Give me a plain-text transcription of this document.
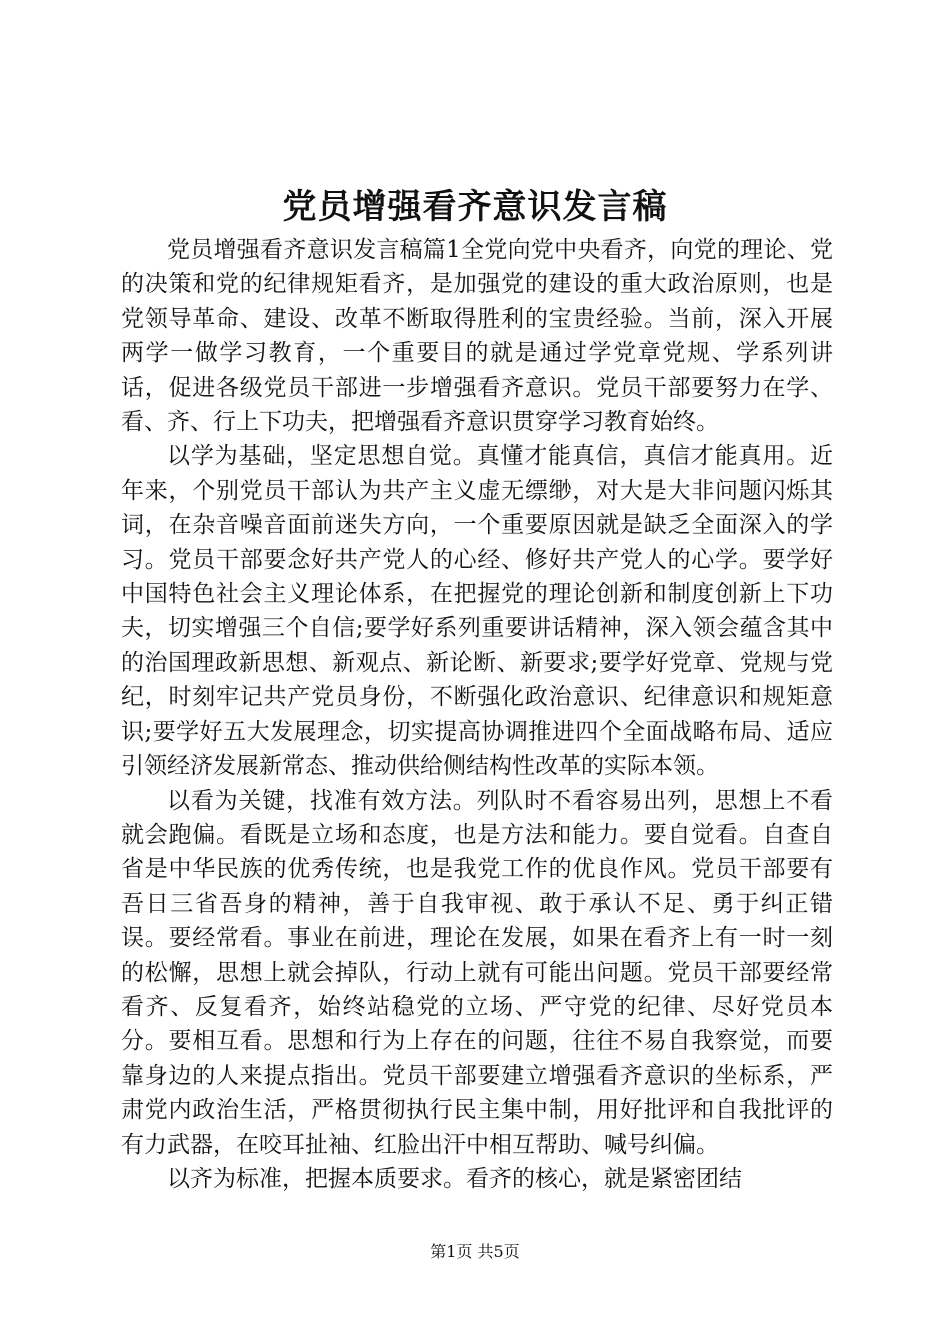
党员增强看齐意识发言稿

党员增强看齐意识发言稿篇1全党向党中央看齐，向党的理论、党的决策和党的纪律规矩看齐，是加强党的建设的重大政治原则，也是党领导革命、建设、改革不断取得胜利的宝贵经验。当前，深入开展两学一做学习教育，一个重要目的就是通过学党章党规、学系列讲话，促进各级党员干部进一步增强看齐意识。党员干部要努力在学、看、齐、行上下功夫，把增强看齐意识贯穿学习教育始终。

以学为基础，坚定思想自觉。真懂才能真信，真信才能真用。近年来，个别党员干部认为共产主义虚无缥缈，对大是大非问题闪烁其词，在杂音噪音面前迷失方向，一个重要原因就是缺乏全面深入的学习。党员干部要念好共产党人的心经、修好共产党人的心学。要学好中国特色社会主义理论体系，在把握党的理论创新和制度创新上下功夫，切实增强三个自信;要学好系列重要讲话精神，深入领会蕴含其中的治国理政新思想、新观点、新论断、新要求;要学好党章、党规与党纪，时刻牢记共产党员身份，不断强化政治意识、纪律意识和规矩意识;要学好五大发展理念，切实提高协调推进四个全面战略布局、适应引领经济发展新常态、推动供给侧结构性改革的实际本领。

以看为关键，找准有效方法。列队时不看容易出列，思想上不看就会跑偏。看既是立场和态度，也是方法和能力。要自觉看。自查自省是中华民族的优秀传统，也是我党工作的优良作风。党员干部要有吾日三省吾身的精神，善于自我审视、敢于承认不足、勇于纠正错误。要经常看。事业在前进，理论在发展，如果在看齐上有一时一刻的松懈，思想上就会掉队，行动上就有可能出问题。党员干部要经常看齐、反复看齐，始终站稳党的立场、严守党的纪律、尽好党员本分。要相互看。思想和行为上存在的问题，往往不易自我察觉，而要靠身边的人来提点指出。党员干部要建立增强看齐意识的坐标系，严肃党内政治生活，严格贯彻执行民主集中制，用好批评和自我批评的有力武器，在咬耳扯袖、红脸出汗中相互帮助、喊号纠偏。

以齐为标准，把握本质要求。看齐的核心，就是紧密团结

第1页 共5页
